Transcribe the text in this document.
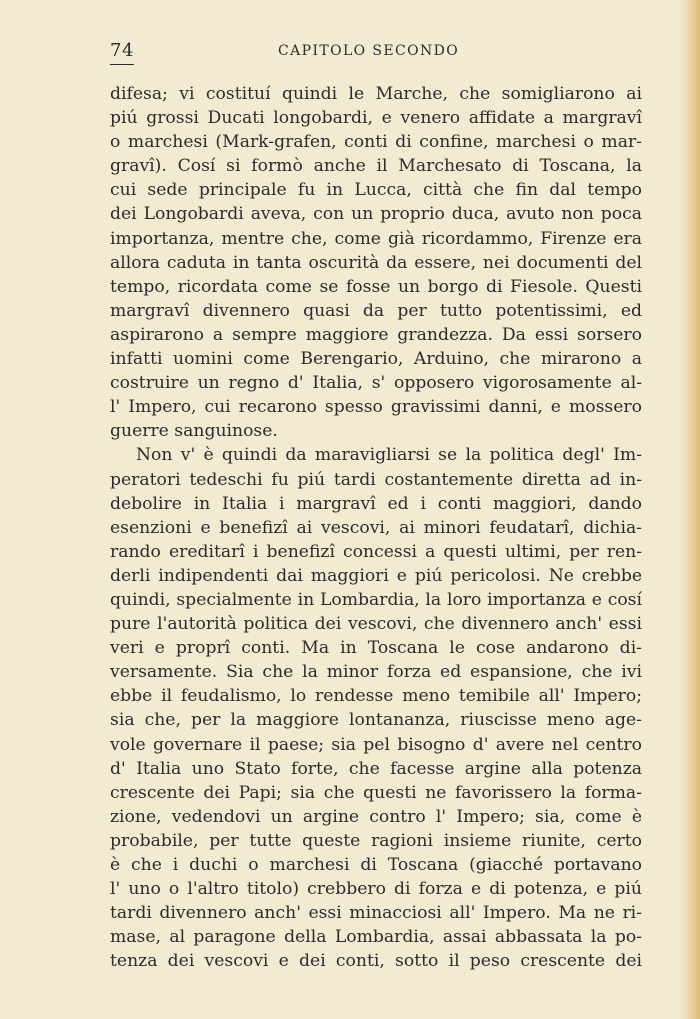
74	CAPITOLO SECONDO
difesa; vi costituí quindi le Marche, che somigliarono ai
piú grossi Ducati longobardi, e venero affidate a margravî
o marchesi (Mark-grafen, conti di confine, marchesi o mar-
gravî). Cosí si formò anche il Marchesato di Toscana, la
cui sede principale fu in Lucca, città che fin dal tempo
dei Longobardi aveva, con un proprio duca, avuto non poca
importanza, mentre che, come già ricordammo, Firenze era
allora caduta in tanta oscurità da essere, nei documenti del
tempo, ricordata come se fosse un borgo di Fiesole. Questi
margravî divennero quasi da per tutto potentissimi, ed
aspirarono a sempre maggiore grandezza. Da essi sorsero
infatti uomini come Berengario, Arduino, che mirarono a
costruire un regno d' Italia, s' opposero vigorosamente al-
l' Impero, cui recarono spesso gravissimi danni, e mossero
guerre sanguinose.
Non v' è quindi da maravigliarsi se la politica degl' Im-
peratori tedeschi fu piú tardi costantemente diretta ad in-
debolire in Italia i margravî ed i conti maggiori, dando
esenzioni e benefizî ai vescovi, ai minori feudatarî, dichia-
rando ereditarî i benefizî concessi a questi ultimi, per ren-
derli indipendenti dai maggiori e piú pericolosi. Ne crebbe
quindi, specialmente in Lombardia, la loro importanza e cosí
pure l'autorità politica dei vescovi, che divennero anch' essi
veri e proprî conti. Ma in Toscana le cose andarono di-
versamente. Sia che la minor forza ed espansione, che ivi
ebbe il feudalismo, lo rendesse meno temibile all' Impero;
sia che, per la maggiore lontananza, riuscisse meno age-
vole governare il paese; sia pel bisogno d' avere nel centro
d' Italia uno Stato forte, che facesse argine alla potenza
crescente dei Papi; sia che questi ne favorissero la forma-
zione, vedendovi un argine contro l' Impero; sia, come è
probabile, per tutte queste ragioni insieme riunite, certo
è che i duchi o marchesi di Toscana (giacché portavano
l' uno o l'altro titolo) crebbero di forza e di potenza, e piú
tardi divennero anch' essi minacciosi all' Impero. Ma ne ri-
mase, al paragone della Lombardia, assai abbassata la po-
tenza dei vescovi e dei conti, sotto il peso crescente dei
